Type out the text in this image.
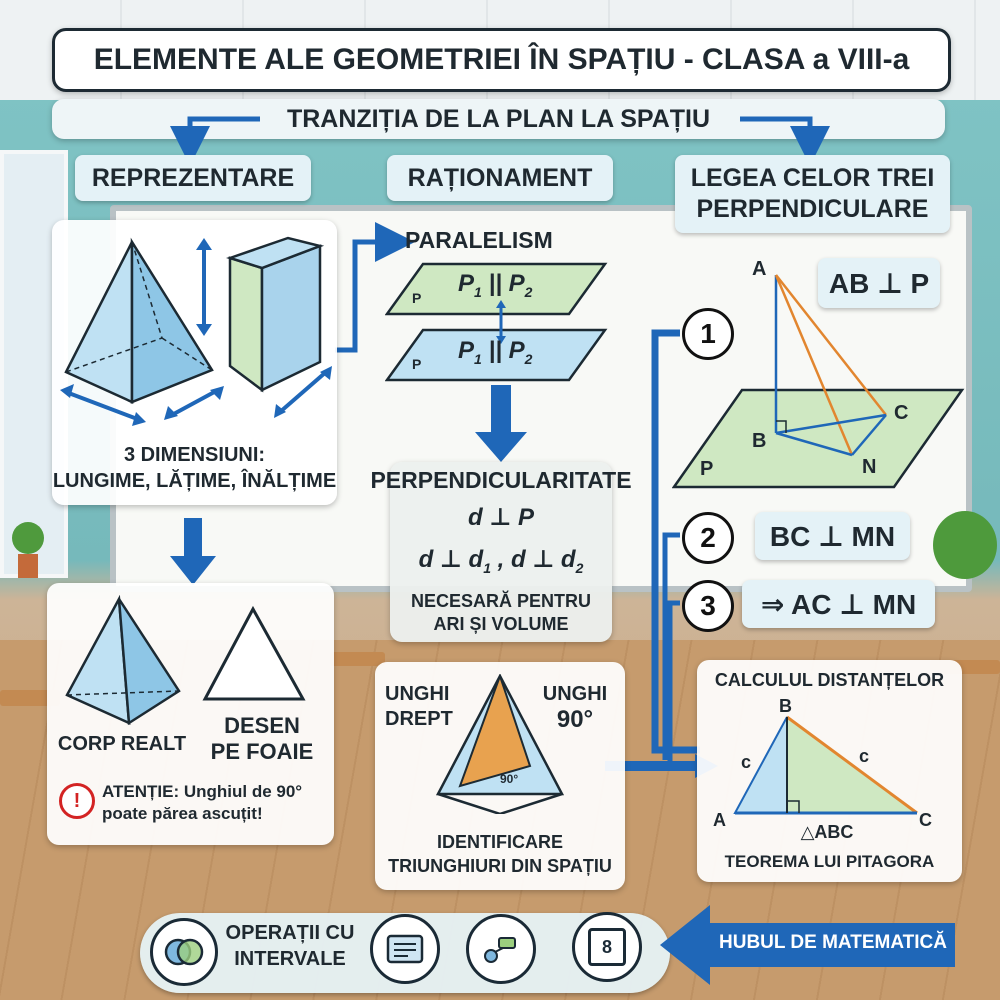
ELEMENTE ALE GEOMETRIEI ÎN SPAȚIU - CLASA a VIII-a
TRANZIȚIA DE LA PLAN LA SPAȚIU
REPREZENTARE	RAȚIONAMENT	LEGEA CELOR TREI
PERPENDICULARE
3 DIMENSIUNI:
LUNGIME, LĂȚIME, ÎNĂLȚIME
CORP REALT
DESEN
PE FOAIE
!	ATENȚIE: Unghiul de 90°
poate părea ascuțit!
PARALELISM
P
P
$P_1$ || $P_2$
$P_1$ || $P_2$
PERPENDICULARITATE
d ⊥ P
d ⊥ $d_1$ , d ⊥ $d_2$
NECESARĂ PENTRU
ARI ȘI VOLUME
90°
UNGHI
DREPT
UNGHI
90°
IDENTIFICARE
TRIUNGHIURI DIN SPAȚIU
A
B
C
N
P
AB ⊥ P
1
2
3
BC ⊥ MN
⇒ AC ⊥ MN
CALCULUL DISTANȚELOR
B
A	C
c	c
△ABC
TEOREMA LUI PITAGORA
OPERAȚII CU
INTERVALE
8	HUBUL DE MATEMATICĂ
